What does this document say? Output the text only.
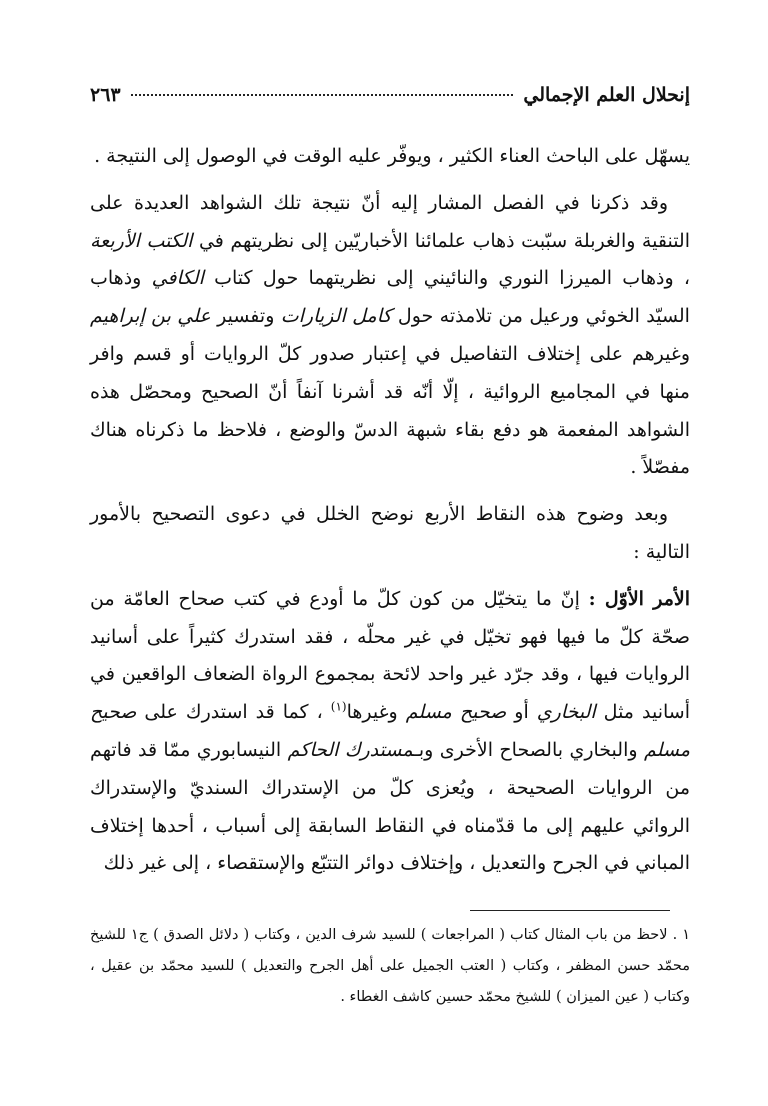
إنحلال العلم الإجمالي
٢٦٣

يسهّل على الباحث العناء الكثير ، ويوفّر عليه الوقت في الوصول إلى النتيجة .

وقد ذكرنا في الفصل المشار إليه أنّ نتيجة تلك الشواهد العديدة على التنقية والغربلة سبّبت ذهاب علمائنا الأخباريّين إلى نظريتهم في الكتب الأربعة ، وذهاب الميرزا النوري والنائيني إلى نظريتهما حول كتاب الكافي وذهاب السيّد الخوئي ورعيل من تلامذته حول كامل الزيارات وتفسير علي بن إبراهيم وغيرهم على إختلاف التفاصيل في إعتبار صدور كلّ الروايات أو قسم وافر منها في المجاميع الروائية ، إلّا أنّه قد أشرنا آنفاً أنّ الصحيح ومحصّل هذه الشواهد المفعمة هو دفع بقاء شبهة الدسّ والوضع ، فلاحظ ما ذكرناه هناك مفصّلاً .

وبعد وضوح هذه النقاط الأربع نوضح الخلل في دعوى التصحيح بالأمور التالية :

الأمر الأوّل : إنّ ما يتخيّل من كون كلّ ما أودع في كتب صحاح العامّة من صحّة كلّ ما فيها فهو تخيّل في غير محلّه ، فقد استدرك كثيراً على أسانيد الروايات فيها ، وقد جرّد غير واحد لائحة بمجموع الرواة الضعاف الواقعين في أسانيد مثل البخاري أو صحيح مسلم وغيرها$^{(١)}$ ، كما قد استدرك على صحيح مسلم والبخاري بالصحاح الأخرى وبـمستدرك الحاكم النيسابوري ممّا قد فاتهم من الروايات الصحيحة ، ويُعزى كلّ من الإستدراك السنديّ والإستدراك الروائي عليهم إلى ما قدّمناه في النقاط السابقة إلى أسباب ، أحدها إختلاف المباني في الجرح والتعديل ، وإختلاف دوائر التتبّع والإستقصاء ، إلى غير ذلك

١ . لاحظ من باب المثال كتاب ( المراجعات ) للسيد شرف الدين ، وكتاب ( دلائل الصدق ) ج١ للشيخ محمّد حسن المظفر ، وكتاب ( العتب الجميل على أهل الجرح والتعديل ) للسيد محمّد بن عقيل ، وكتاب ( عين الميزان ) للشيخ محمّد حسين كاشف الغطاء .
